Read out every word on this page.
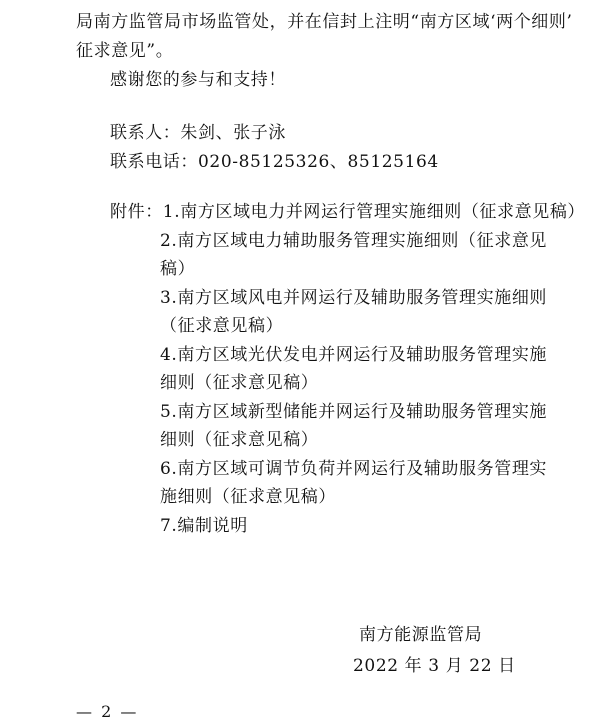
局南方监管局市场监管处，并在信封上注明“南方区域‘两个细则’
征求意见”。
感谢您的参与和支持！
联系人：朱剑、张子泳
联系电话：020-85125326、85125164
附件：1.南方区域电力并网运行管理实施细则（征求意见稿）
2.南方区域电力辅助服务管理实施细则（征求意见
稿）
3.南方区域风电并网运行及辅助服务管理实施细则
（征求意见稿）
4.南方区域光伏发电并网运行及辅助服务管理实施
细则（征求意见稿）
5.南方区域新型储能并网运行及辅助服务管理实施
细则（征求意见稿）
6.南方区域可调节负荷并网运行及辅助服务管理实
施细则（征求意见稿）
7.编制说明
南方能源监管局
2022 年 3 月 22 日
— 2 —
